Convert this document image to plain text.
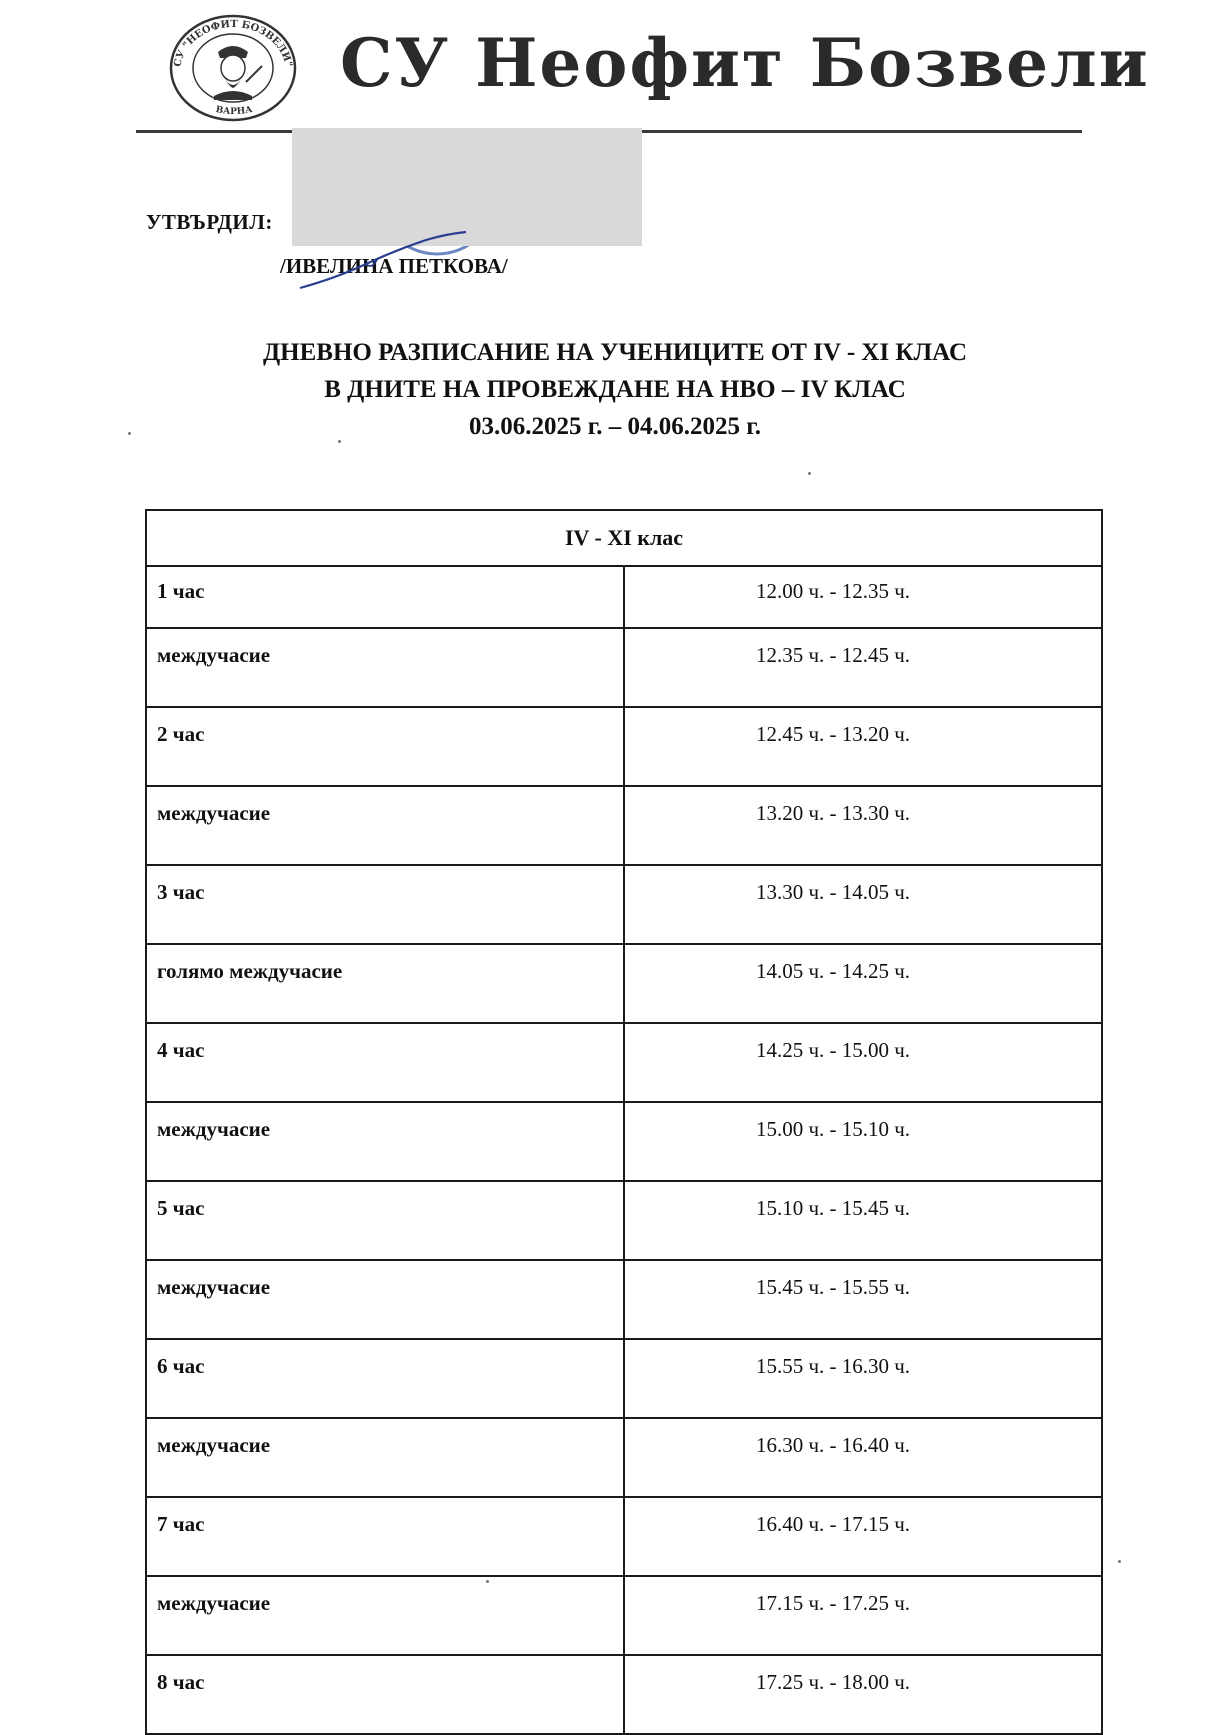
СУ "НЕОФИТ БОЗВЕЛИ"
ВАРНА
СУ Неофит Бозвели
УТВЪРДИЛ:
/ИВЕЛИНА ПЕТКОВА/
ДНЕВНО РАЗПИСАНИЕ НА УЧЕНИЦИТЕ ОТ IV - XI КЛАС
В ДНИТЕ НА ПРОВЕЖДАНЕ НА НВО – IV КЛАС
03.06.2025 г. – 04.06.2025 г.
IV - XI клас	
1 час	12.00 ч. - 12.35 ч.
междучасие	12.35 ч. - 12.45 ч.
2 час	12.45 ч. - 13.20 ч.
междучасие	13.20 ч. - 13.30 ч.
3 час	13.30 ч. - 14.05 ч.
голямо междучасие	14.05 ч. - 14.25 ч.
4 час	14.25 ч. - 15.00 ч.
междучасие	15.00 ч. - 15.10 ч.
5 час	15.10 ч. - 15.45 ч.
междучасие	15.45 ч. - 15.55 ч.
6 час	15.55 ч. - 16.30 ч.
междучасие	16.30 ч. - 16.40 ч.
7 час	16.40 ч. - 17.15 ч.
междучасие	17.15 ч. - 17.25 ч.
8 час	17.25 ч. - 18.00 ч.
